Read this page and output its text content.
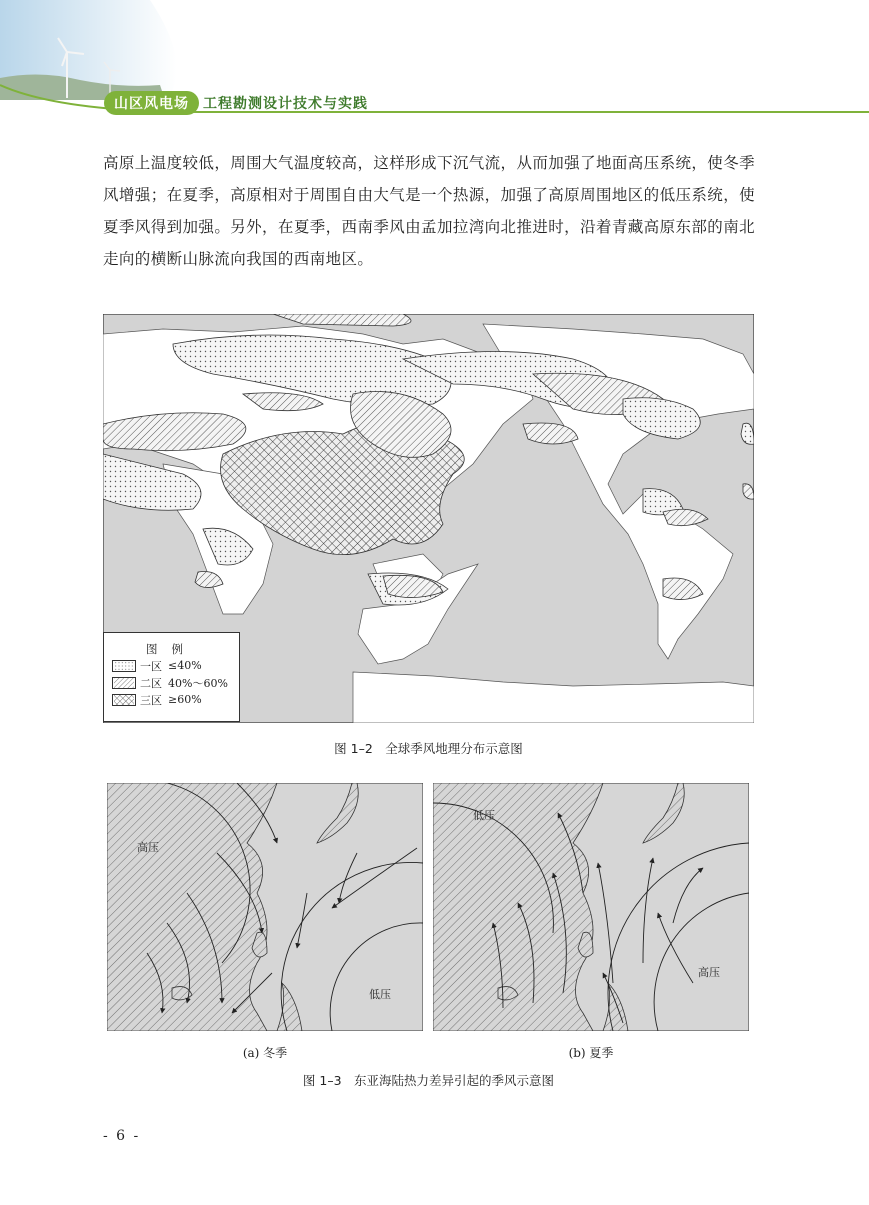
山区风电场	工程勘测设计技术与实践

高原上温度较低，周围大气温度较高，这样形成下沉气流，从而加强了地面高压系统，使冬季风增强；在夏季，高原相对于周围自由大气是一个热源，加强了高原周围地区的低压系统，使夏季风得到加强。另外，在夏季，西南季风由孟加拉湾向北推进时，沿着青藏高原东部的南北走向的横断山脉流向我国的西南地区。

图例
一区 ≤40%
二区 40%～60%
三区 ≥60%
图 1–2　全球季风地理分布示意图
高压
低压
低压
高压
(a) 冬季	(b) 夏季
图 1–3　东亚海陆热力差异引起的季风示意图
- 6 -
